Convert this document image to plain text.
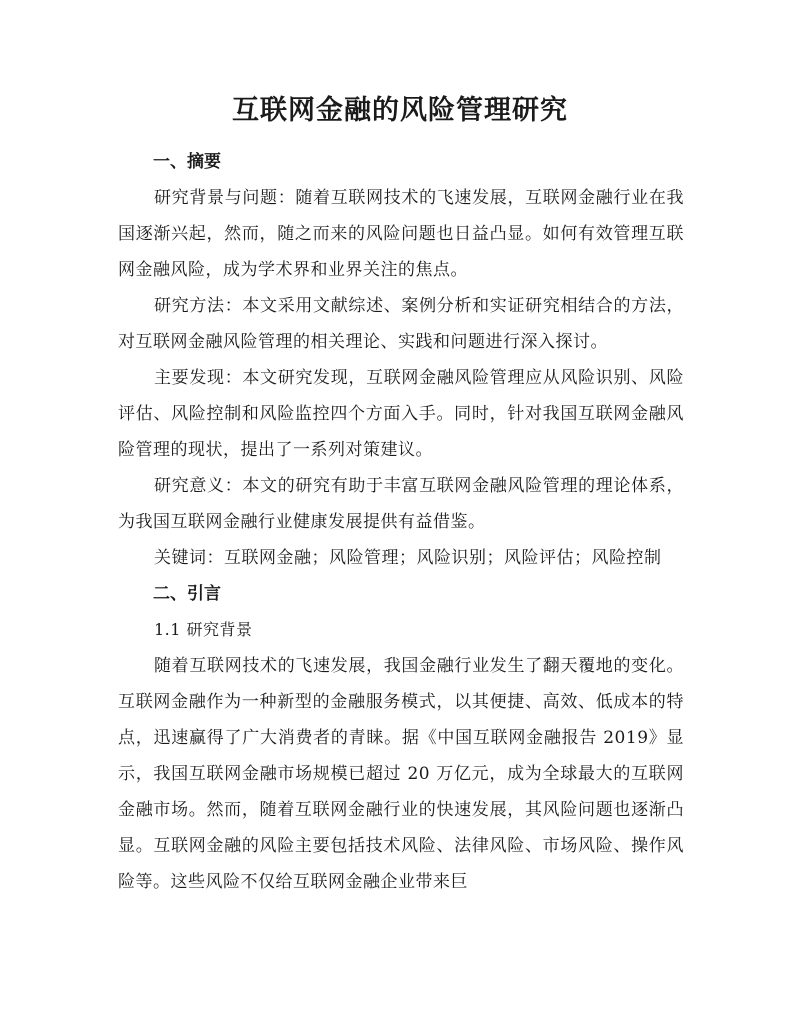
互联网金融的风险管理研究

一、摘要

研究背景与问题：随着互联网技术的飞速发展，互联网金融行业在我国逐渐兴起，然而，随之而来的风险问题也日益凸显。如何有效管理互联网金融风险，成为学术界和业界关注的焦点。

研究方法：本文采用文献综述、案例分析和实证研究相结合的方法，对互联网金融风险管理的相关理论、实践和问题进行深入探讨。

主要发现：本文研究发现，互联网金融风险管理应从风险识别、风险评估、风险控制和风险监控四个方面入手。同时，针对我国互联网金融风险管理的现状，提出了一系列对策建议。

研究意义：本文的研究有助于丰富互联网金融风险管理的理论体系，为我国互联网金融行业健康发展提供有益借鉴。

关键词：互联网金融；风险管理；风险识别；风险评估；风险控制

二、引言

1.1 研究背景

随着互联网技术的飞速发展，我国金融行业发生了翻天覆地的变化。互联网金融作为一种新型的金融服务模式，以其便捷、高效、低成本的特点，迅速赢得了广大消费者的青睐。据《中国互联网金融报告 2019》显示，我国互联网金融市场规模已超过 20 万亿元，成为全球最大的互联网金融市场。然而，随着互联网金融行业的快速发展，其风险问题也逐渐凸显。互联网金融的风险主要包括技术风险、法律风险、市场风险、操作风险等。这些风险不仅给互联网金融企业带来巨
